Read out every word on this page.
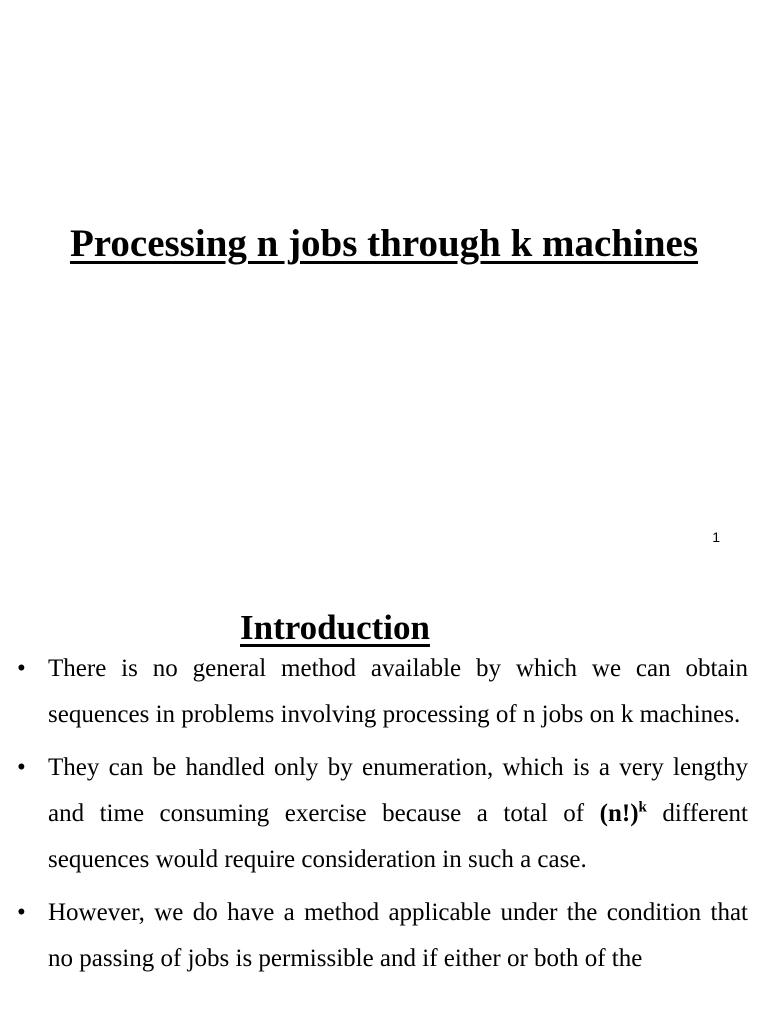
Processing n jobs through k machines
1
Introduction
• There is no general method available by which we can obtain sequences in problems involving processing of n jobs on k machines.

• They can be handled only by enumeration, which is a very lengthy and time consuming exercise because a total of $(n!)^k$ different sequences would require consideration in such a case.

• However, we do have a method applicable under the condition that no passing of jobs is permissible and if either or both of the
